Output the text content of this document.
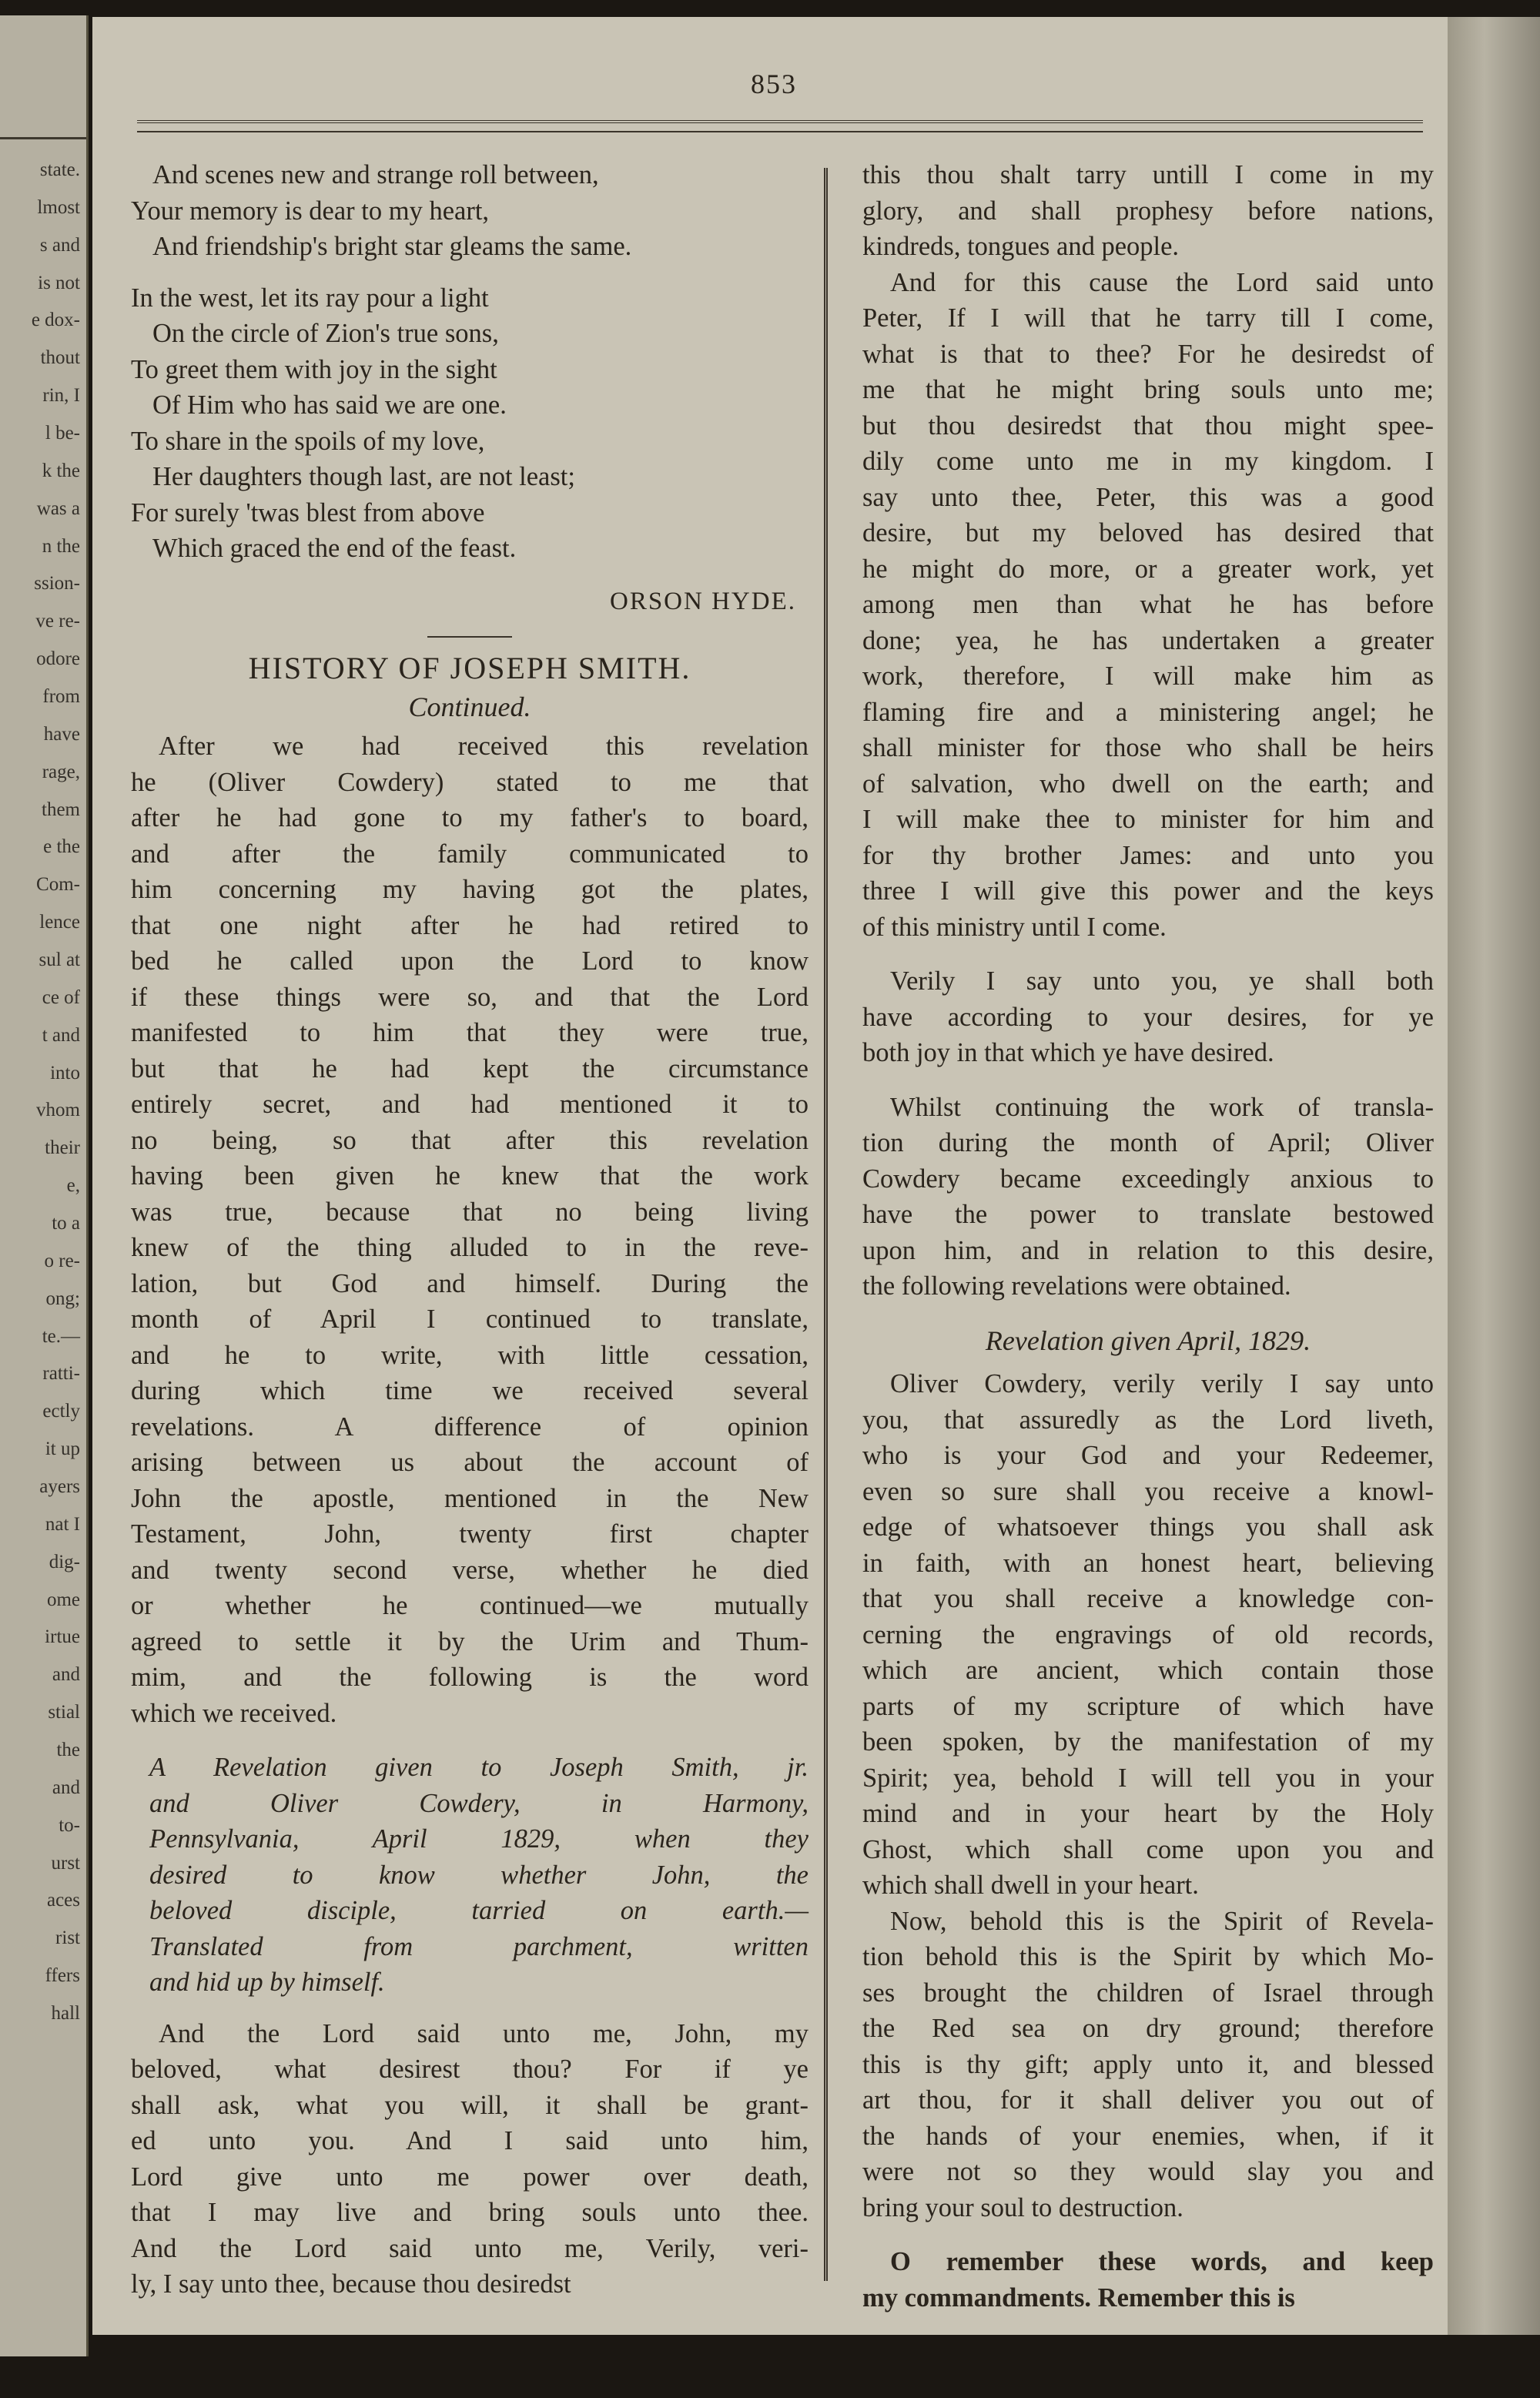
state.
lmost
s and
is not
e dox-
thout
rin, I
l be-
k the
was a
n the
ssion-
ve re-
odore
from
have
rage,
them
e the
Com-
lence
sul at
ce of
t and
into
vhom
their
e,
to a
o re-
ong;
te.—
ratti-
ectly
it up
ayers
nat I
dig-
ome
irtue
and
stial
the
and
to-
urst
aces
rist
ffers
hall
853
And scenes new and strange roll between,
Your memory is dear to my heart,
And friendship's bright star gleams the same.
In the west, let its ray pour a light
On the circle of Zion's true sons,
To greet them with joy in the sight
Of Him who has said we are one.
To share in the spoils of my love,
Her daughters though last, are not least;
For surely 'twas blest from above
Which graced the end of the feast.

ORSON HYDE.

HISTORY OF JOSEPH SMITH.

Continued.

After we had received this revelation

he (Oliver Cowdery) stated to me that

after he had gone to my father's to board,

and after the family communicated to

him concerning my having got the plates,

that one night after he had retired to

bed he called upon the Lord to know

if these things were so, and that the Lord

manifested to him that they were true,

but that he had kept the circumstance

entirely secret, and had mentioned it to

no being, so that after this revelation

having been given he knew that the work

was true, because that no being living

knew of the thing alluded to in the reve-

lation, but God and himself. During the

month of April I continued to translate,

and he to write, with little cessation,

during which time we received several

revelations. A difference of opinion

arising between us about the account of

John the apostle, mentioned in the New

Testament, John, twenty first chapter

and twenty second verse, whether he died

or whether he continued—we mutually

agreed to settle it by the Urim and Thum-

mim, and the following is the word

which we received.

A Revelation given to Joseph Smith, jr.

and Oliver Cowdery, in Harmony,

Pennsylvania, April 1829, when they

desired to know whether John, the

beloved disciple, tarried on earth.—

Translated from parchment, written

and hid up by himself.

And the Lord said unto me, John, my

beloved, what desirest thou? For if ye

shall ask, what you will, it shall be grant-

ed unto you. And I said unto him,

Lord give unto me power over death,

that I may live and bring souls unto thee.

And the Lord said unto me, Verily, veri-

ly, I say unto thee, because thou desiredst

this thou shalt tarry untill I come in my

glory, and shall prophesy before nations,

kindreds, tongues and people.

And for this cause the Lord said unto

Peter, If I will that he tarry till I come,

what is that to thee? For he desiredst of

me that he might bring souls unto me;

but thou desiredst that thou might spee-

dily come unto me in my kingdom. I

say unto thee, Peter, this was a good

desire, but my beloved has desired that

he might do more, or a greater work, yet

among men than what he has before

done; yea, he has undertaken a greater

work, therefore, I will make him as

flaming fire and a ministering angel; he

shall minister for those who shall be heirs

of salvation, who dwell on the earth; and

I will make thee to minister for him and

for thy brother James: and unto you

three I will give this power and the keys

of this ministry until I come.

Verily I say unto you, ye shall both

have according to your desires, for ye

both joy in that which ye have desired.

Whilst continuing the work of transla-

tion during the month of April; Oliver

Cowdery became exceedingly anxious to

have the power to translate bestowed

upon him, and in relation to this desire,

the following revelations were obtained.

Revelation given April, 1829.

Oliver Cowdery, verily verily I say unto

you, that assuredly as the Lord liveth,

who is your God and your Redeemer,

even so sure shall you receive a knowl-

edge of whatsoever things you shall ask

in faith, with an honest heart, believing

that you shall receive a knowledge con-

cerning the engravings of old records,

which are ancient, which contain those

parts of my scripture of which have

been spoken, by the manifestation of my

Spirit; yea, behold I will tell you in your

mind and in your heart by the Holy

Ghost, which shall come upon you and

which shall dwell in your heart.

Now, behold this is the Spirit of Revela-

tion behold this is the Spirit by which Mo-

ses brought the children of Israel through

the Red sea on dry ground; therefore

this is thy gift; apply unto it, and blessed

art thou, for it shall deliver you out of

the hands of your enemies, when, if it

were not so they would slay you and

bring your soul to destruction.

O remember these words, and keep

my commandments. Remember this is
